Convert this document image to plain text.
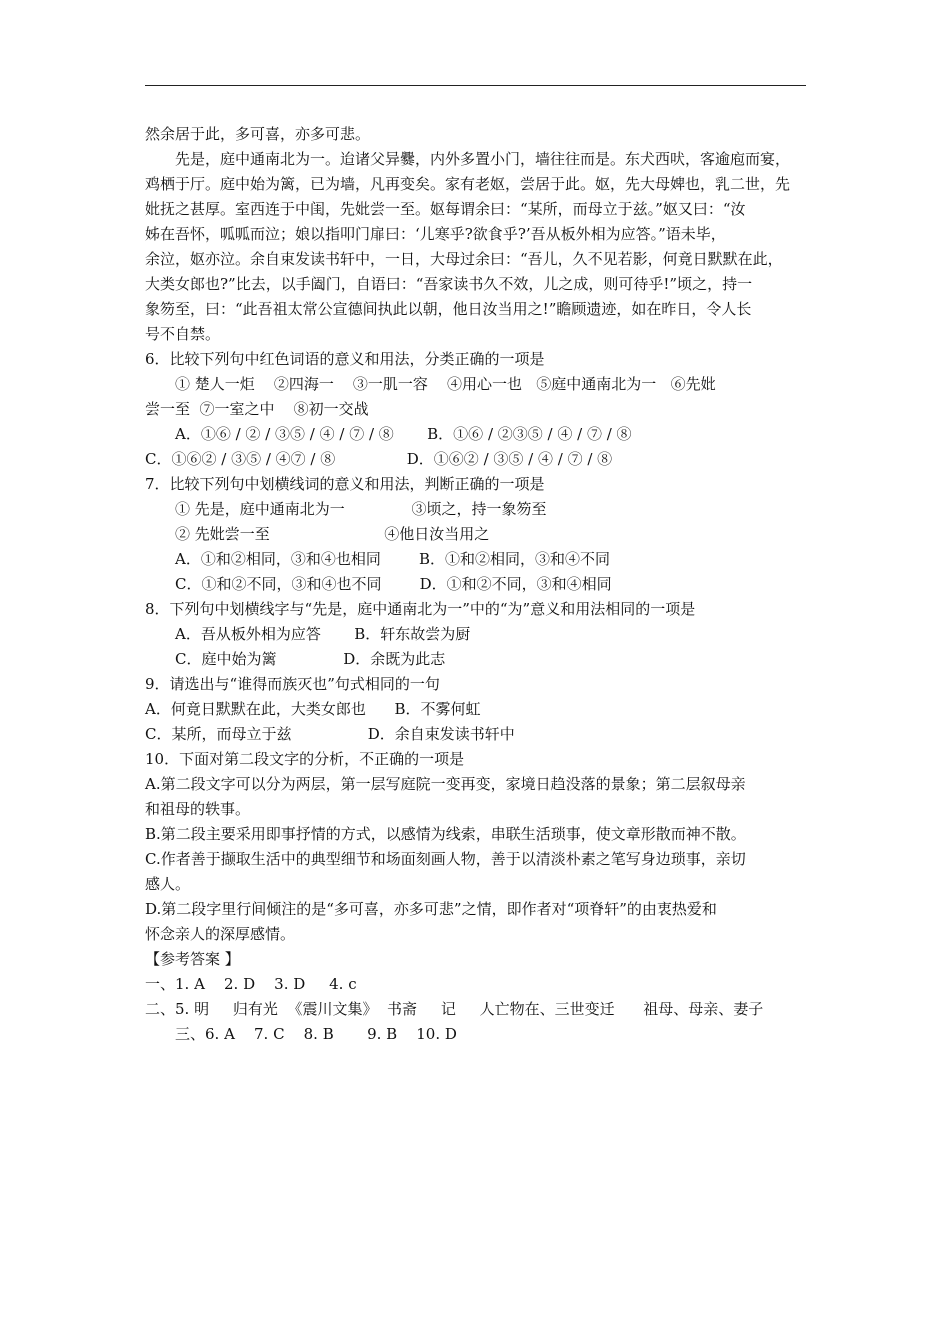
然余居于此，多可喜，亦多可悲。
先是，庭中通南北为一。迨诸父异爨，内外多置小门，墙往往而是。东犬西吠，客逾庖而宴，
鸡栖于厅。庭中始为篱，已为墙，凡再变矣。家有老妪，尝居于此。妪，先大母婢也，乳二世，先
妣抚之甚厚。室西连于中闺，先妣尝一至。妪每谓余曰：“某所，而母立于兹。”妪又曰：“汝
姊在吾怀，呱呱而泣；娘以指叩门扉曰：‘儿寒乎?欲食乎?’吾从板外相为应答。”语未毕，
余泣，妪亦泣。余自束发读书轩中，一日，大母过余曰：“吾儿，久不见若影，何竟日默默在此，
大类女郎也?”比去，以手阖门，自语曰：“吾家读书久不效，儿之成，则可待乎!”顷之，持一
象笏至，曰：“此吾祖太常公宣德间执此以朝，他日汝当用之!”瞻顾遗迹，如在昨日，令人长
号不自禁。
6．比较下列句中红色词语的意义和用法，分类正确的一项是
① 楚人一炬    ②四海一    ③一肌一容    ④用心一也   ⑤庭中通南北为一   ⑥先妣
尝一至  ⑦一室之中    ⑧初一交战
A．①⑥ / ② / ③⑤ / ④ / ⑦ / ⑧       B．①⑥ / ②③⑤ / ④ / ⑦ / ⑧
C．①⑥② / ③⑤ / ④⑦ / ⑧               D．①⑥② / ③⑤ / ④ / ⑦ / ⑧
7．比较下列句中划横线词的意义和用法，判断正确的一项是
① 先是，庭中通南北为一              ③顷之，持一象笏至
② 先妣尝一至                        ④他日汝当用之
A．①和②相同，③和④也相同        B．①和②相同，③和④不同
C．①和②不同，③和④也不同        D．①和②不同，③和④相同
8．下列句中划横线字与“先是，庭中通南北为一”中的“为”意义和用法相同的一项是
A．吾从板外相为应答       B．轩东故尝为厨
C．庭中始为篱              D．余既为此志
9．请选出与“谁得而族灭也”句式相同的一句
A．何竟日默默在此，大类女郎也      B．不雾何虹
C．某所，而母立于兹                D．余自束发读书轩中
10．下面对第二段文字的分析，不正确的一项是
A.第二段文字可以分为两层，第一层写庭院一变再变，家境日趋没落的景象；第二层叙母亲
和祖母的轶事。
B.第二段主要采用即事抒情的方式，以感情为线索，串联生活琐事，使文章形散而神不散。
C.作者善于撷取生活中的典型细节和场面刻画人物，善于以清淡朴素之笔写身边琐事，亲切
感人。
D.第二段字里行间倾注的是“多可喜，亦多可悲”之情，即作者对“项脊轩”的由衷热爱和
怀念亲人的深厚感情。
【参考答案 】
一、1. A    2. D    3. D     4. c
二、5. 明     归有光  《震川文集》  书斋     记     人亡物在、三世变迁      祖母、母亲、妻子
三、6. A    7. C    8. B       9. B    10. D
